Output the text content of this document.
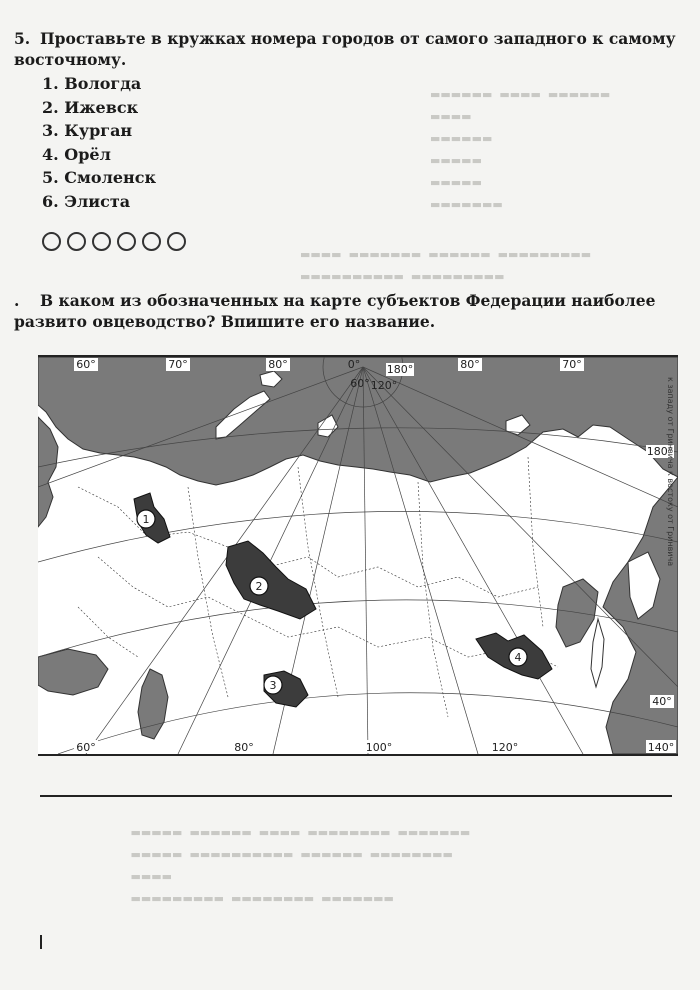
▬▬▬▬▬▬  ▬▬▬▬  ▬▬▬▬▬▬
▬▬▬▬
▬▬▬▬▬▬
▬▬▬▬▬
▬▬▬▬▬
▬▬▬▬▬▬▬

▬▬▬▬  ▬▬▬▬▬▬▬  ▬▬▬▬▬▬  ▬▬▬▬▬▬▬▬▬
▬▬▬▬▬▬▬▬▬▬  ▬▬▬▬▬▬▬▬▬

▬▬▬▬▬  ▬▬▬▬▬▬  ▬▬▬▬  ▬▬▬▬▬▬▬▬  ▬▬▬▬▬▬▬
▬▬▬▬▬  ▬▬▬▬▬▬▬▬▬▬  ▬▬▬▬▬▬  ▬▬▬▬▬▬▬▬
▬▬▬▬
▬▬▬▬▬▬▬▬▬  ▬▬▬▬▬▬▬▬  ▬▬▬▬▬▬▬
5. Проставьте в кружках номера городов от самого западного к самому восточному.
1. Вологда
2. Ижевск
3. Курган
4. Орёл
5. Смоленск
6. Элиста
. В каком из обозначенных на карте субъектов Федерации наиболее развито овцеводство? Впишите его название.
1
2
3
4
60°	70°	80°	0° 180°	80°	70°
60° 120°
180°
40°
60°	80°	100°	120°	140°
к западу от Гринвича к востоку от Гринвича
